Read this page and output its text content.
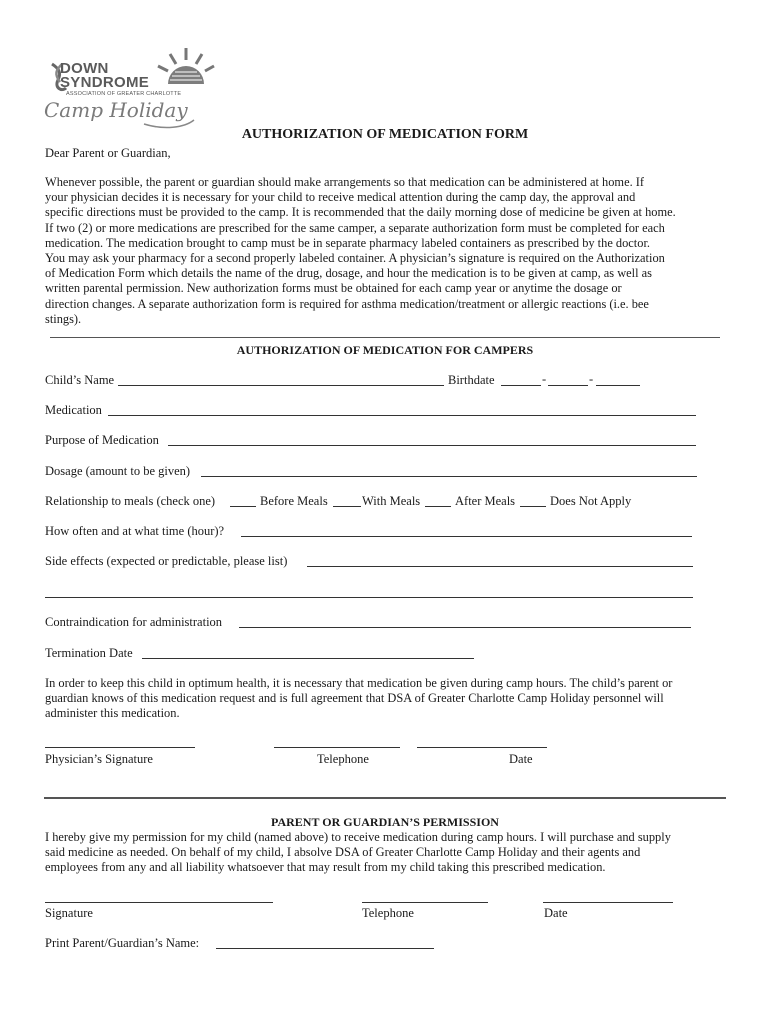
DOWN
SYNDROME
ASSOCIATION OF GREATER CHARLOTTE
Camp Holiday
AUTHORIZATION OF MEDICATION FORM
Dear Parent or Guardian,
Whenever possible, the parent or guardian should make arrangements so that medication can be administered at home. If
your physician decides it is necessary for your child to receive medical attention during the camp day, the approval and
specific directions must be provided to the camp. It is recommended that the daily morning dose of medicine be given at home.
If two (2) or more medications are prescribed for the same camper, a separate authorization form must be completed for each
medication. The medication brought to camp must be in separate pharmacy labeled containers as prescribed by the doctor.
You may ask your pharmacy for a second properly labeled container. A physician’s signature is required on the Authorization
of Medication Form which details the name of the drug, dosage, and hour the medication is to be given at camp, as well as
written parental permission. New authorization forms must be obtained for each camp year or anytime the dosage or
direction changes. A separate authorization form is required for asthma medication/treatment or allergic reactions (i.e. bee
stings).
AUTHORIZATION OF MEDICATION FOR CAMPERS
Child’s Name	Birthdate	-	-
Medication
Purpose of Medication
Dosage (amount to be given)
Relationship to meals (check one)	Before Meals	With Meals	After Meals	Does Not Apply
How often and at what time (hour)?
Side effects (expected or predictable, please list)
Contraindication for administration
Termination Date
In order to keep this child in optimum health, it is necessary that medication be given during camp hours. The child’s parent or
guardian knows of this medication request and is full agreement that DSA of Greater Charlotte Camp Holiday personnel will
administer this medication.
Physician’s Signature	Telephone	Date
PARENT OR GUARDIAN’S PERMISSION
I hereby give my permission for my child (named above) to receive medication during camp hours. I will purchase and supply
said medicine as needed. On behalf of my child, I absolve DSA of Greater Charlotte Camp Holiday and their agents and
employees from any and all liability whatsoever that may result from my child taking this prescribed medication.
Signature	Telephone	Date
Print Parent/Guardian’s Name:
